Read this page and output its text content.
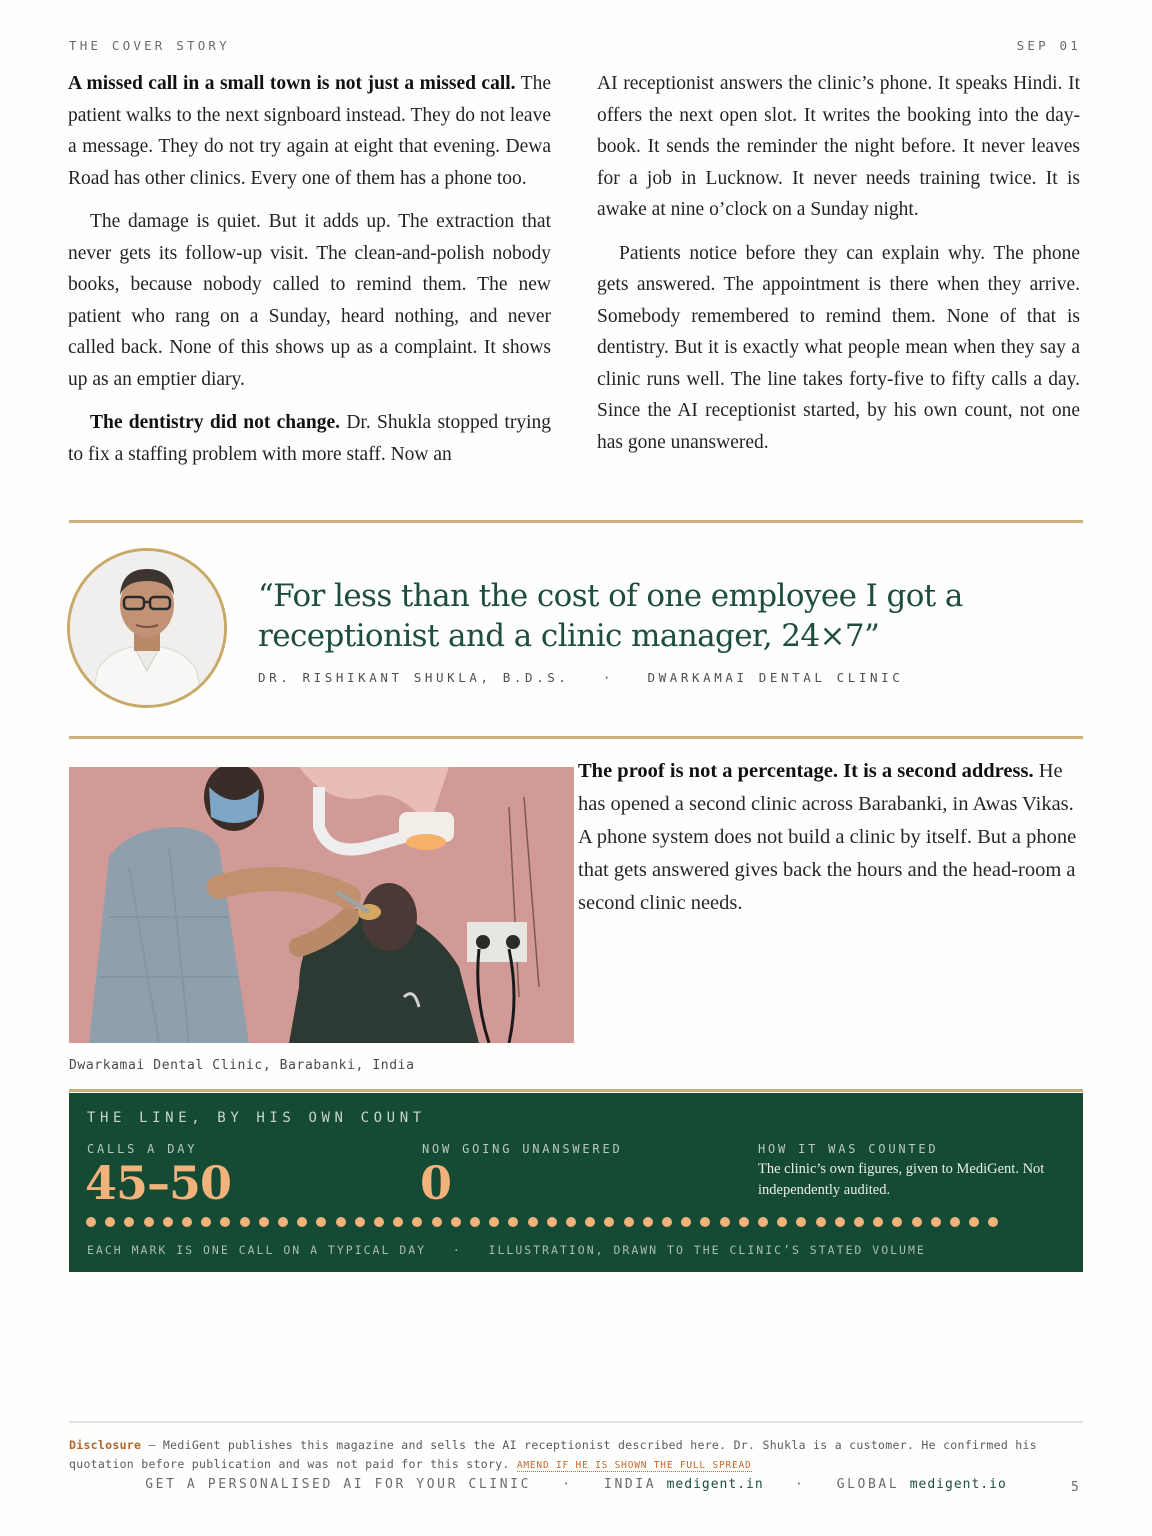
THE COVER STORY	SEP 01

A missed call in a small town is not just a missed call. The patient walks to the next signboard instead. They do not leave a message. They do not try again at eight that evening. Dewa Road has other clinics. Every one of them has a phone too.

The damage is quiet. But it adds up. The extraction that never gets its follow-up visit. The clean-and-polish nobody books, because nobody called to remind them. The new patient who rang on a Sunday, heard nothing, and never called back. None of this shows up as a complaint. It shows up as an emptier diary.

The dentistry did not change. Dr. Shukla stopped trying to fix a staffing problem with more staff. Now an

AI receptionist answers the clinic’s phone. It speaks Hindi. It offers the next open slot. It writes the booking into the day-book. It sends the reminder the night before. It never leaves for a job in Lucknow. It never needs training twice. It is awake at nine o’clock on a Sunday night.

Patients notice before they can explain why. The phone gets answered. The appointment is there when they arrive. Somebody remembered to remind them. None of that is dentistry. But it is exactly what people mean when they say a clinic runs well. The line takes forty-five to fifty calls a day. Since the AI receptionist started, by his own count, not one has gone unanswered.

“For less than the cost of one employee I got a receptionist and a clinic manager, 24×7”
DR. RISHIKANT SHUKLA, B.D.S.	·	DWARKAMAI DENTAL CLINIC
Dwarkamai Dental Clinic, Barabanki, India
The proof is not a percentage. It is a second address. He has opened a second clinic across Barabanki, in Awas Vikas. A phone system does not build a clinic by itself. But a phone that gets answered gives back the hours and the head-room a second clinic needs.
THE LINE, BY HIS OWN COUNT
CALLS A DAY
45–50
NOW GOING UNANSWERED
0
HOW IT WAS COUNTED
The clinic’s own figures, given to MediGent. Not independently audited.
EACH MARK IS ONE CALL ON A TYPICAL DAY   ·   ILLUSTRATION, DRAWN TO THE CLINIC’S STATED VOLUME
Disclosure — MediGent publishes this magazine and sells the AI receptionist described here. Dr. Shukla is a customer. He confirmed his quotation before publication and was not paid for this story. AMEND IF HE IS SHOWN THE FULL SPREAD
GET A PERSONALISED AI FOR YOUR CLINIC · INDIA medigent.in · GLOBAL medigent.io	5
